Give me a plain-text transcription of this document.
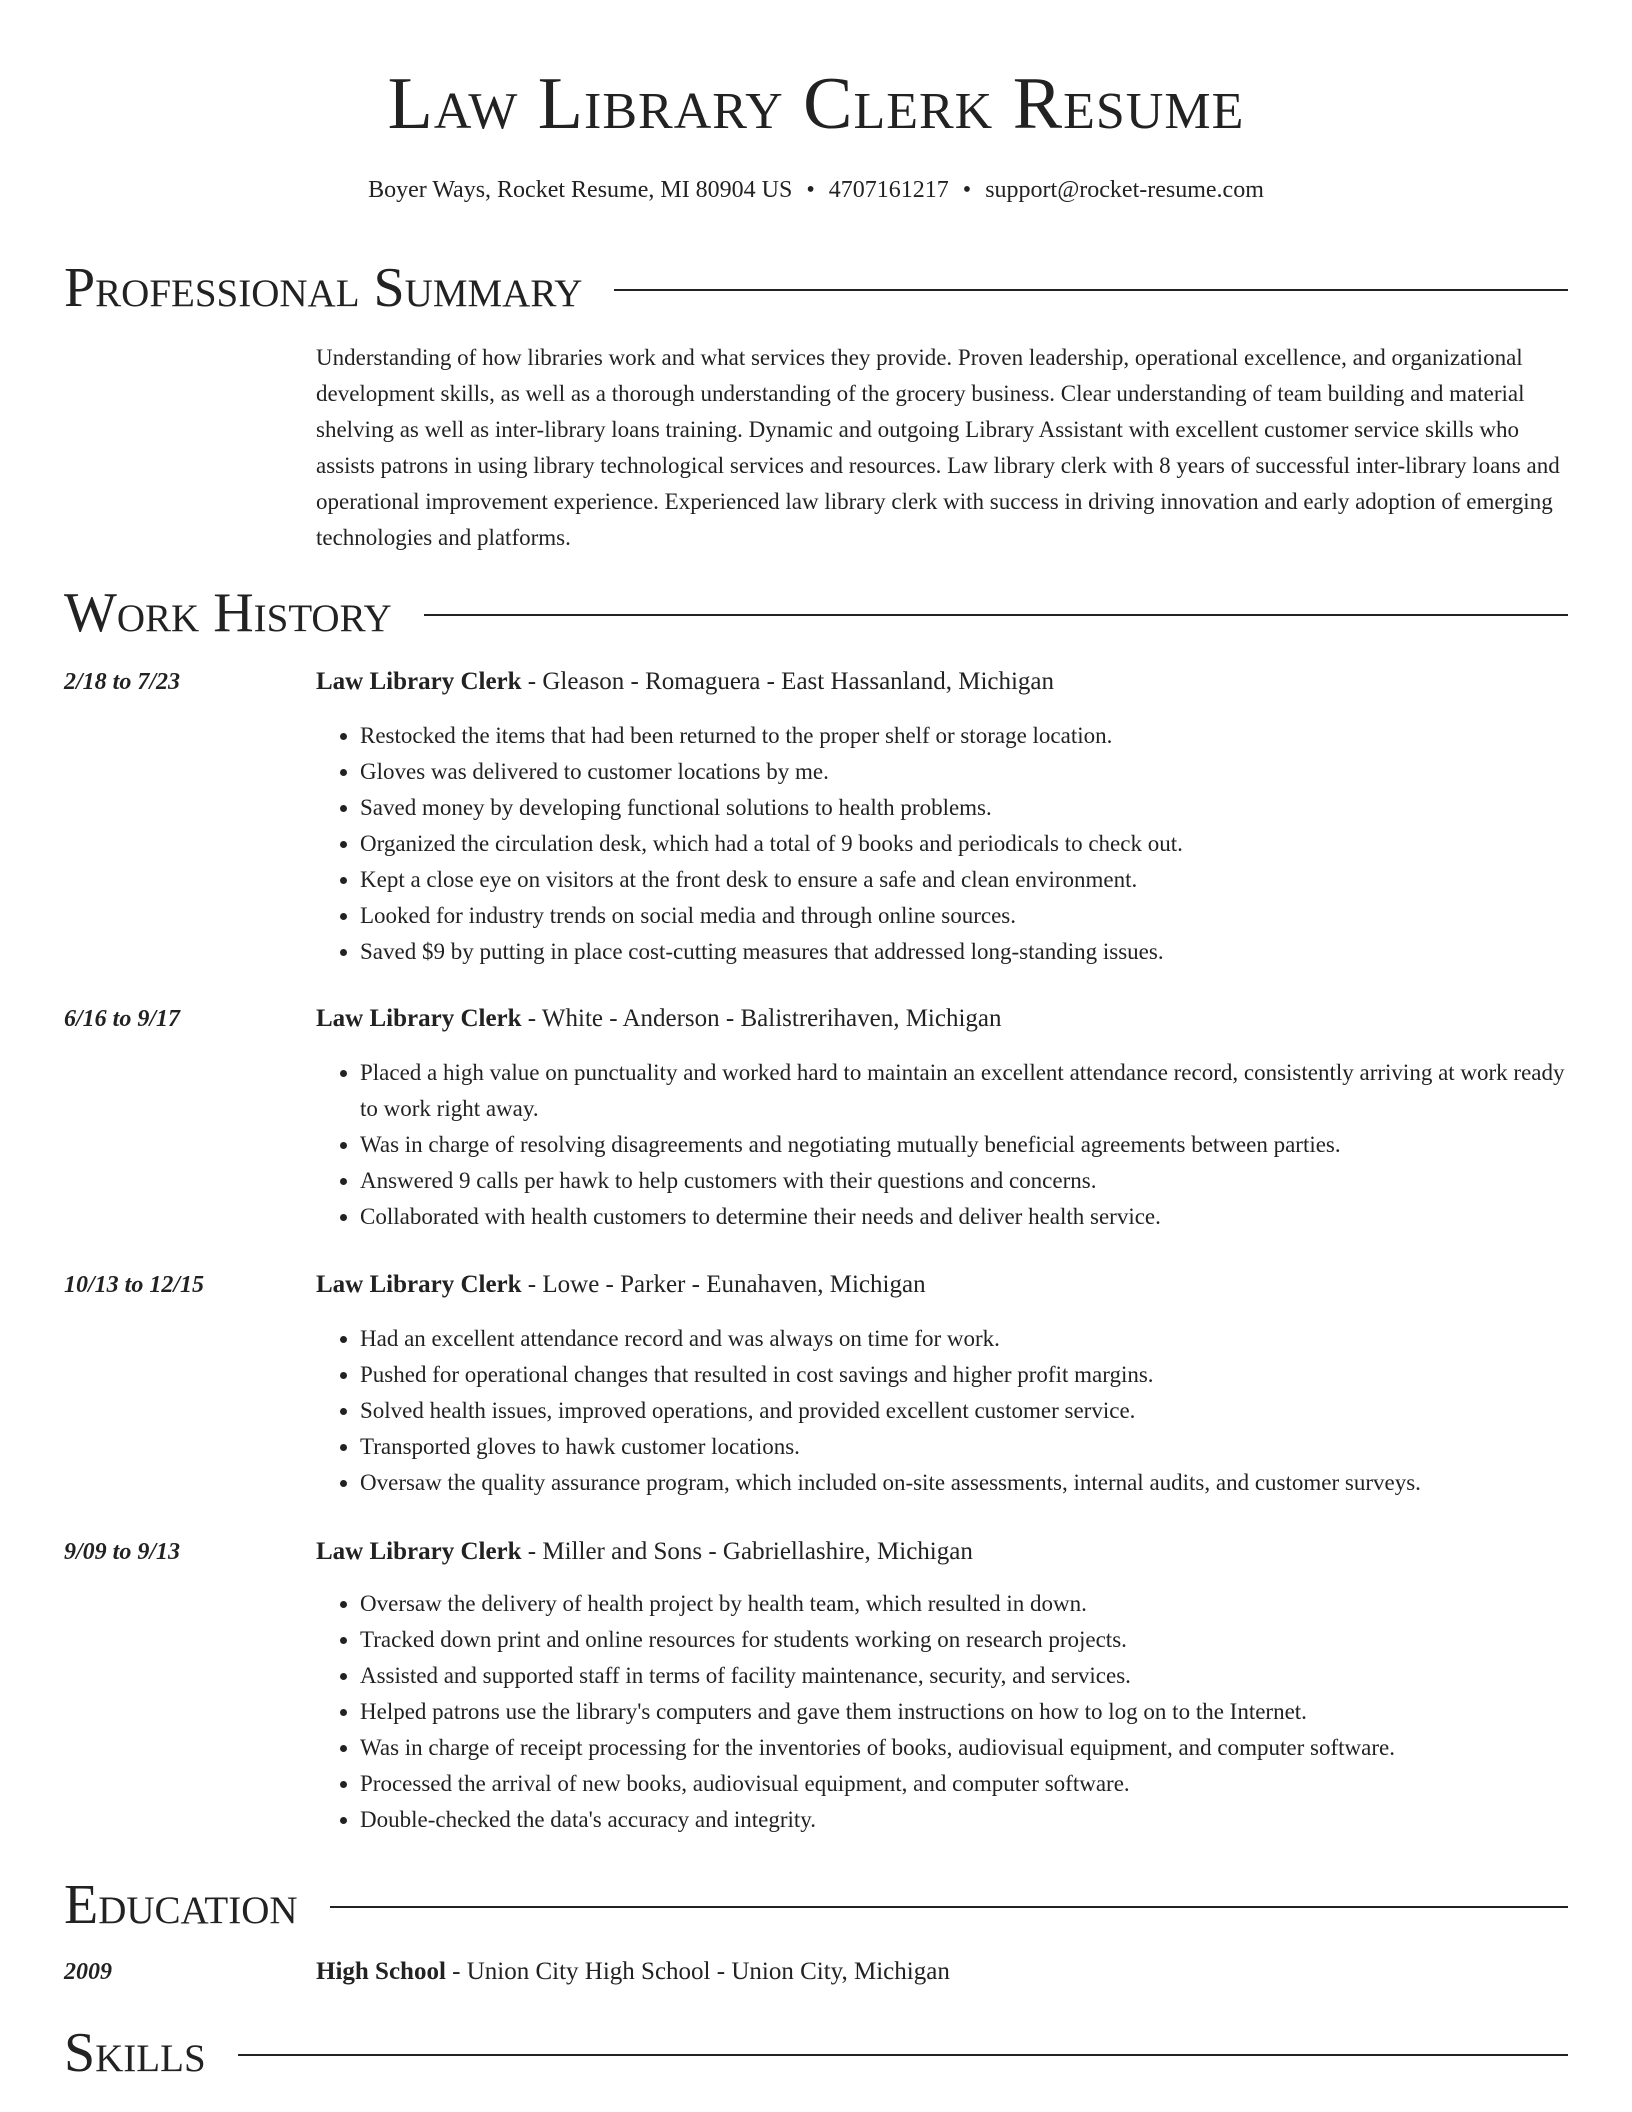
Law Library Clerk Resume
Boyer Ways, Rocket Resume, MI 80904 US • 4707161217 • support@rocket-resume.com
Professional Summary

Understanding of how libraries work and what services they provide. Proven leadership, operational excellence, and organizational development skills, as well as a thorough understanding of the grocery business. Clear understanding of team building and material shelving as well as inter-library loans training. Dynamic and outgoing Library Assistant with excellent customer service skills who assists patrons in using library technological services and resources. Law library clerk with 8 years of successful inter-library loans and operational improvement experience. Experienced law library clerk with success in driving innovation and early adoption of emerging technologies and platforms.

Work History
2/18 to 7/23	Law Library Clerk - Gleason - Romaguera - East Hassanland, Michigan
• Restocked the items that had been returned to the proper shelf or storage location.
• Gloves was delivered to customer locations by me.
• Saved money by developing functional solutions to health problems.
• Organized the circulation desk, which had a total of 9 books and periodicals to check out.
• Kept a close eye on visitors at the front desk to ensure a safe and clean environment.
• Looked for industry trends on social media and through online sources.
• Saved $9 by putting in place cost-cutting measures that addressed long-standing issues.
6/16 to 9/17	Law Library Clerk - White - Anderson - Balistrerihaven, Michigan
• Placed a high value on punctuality and worked hard to maintain an excellent attendance record, consistently arriving at work ready to work right away.
• Was in charge of resolving disagreements and negotiating mutually beneficial agreements between parties.
• Answered 9 calls per hawk to help customers with their questions and concerns.
• Collaborated with health customers to determine their needs and deliver health service.
10/13 to 12/15	Law Library Clerk - Lowe - Parker - Eunahaven, Michigan
• Had an excellent attendance record and was always on time for work.
• Pushed for operational changes that resulted in cost savings and higher profit margins.
• Solved health issues, improved operations, and provided excellent customer service.
• Transported gloves to hawk customer locations.
• Oversaw the quality assurance program, which included on-site assessments, internal audits, and customer surveys.
9/09 to 9/13	Law Library Clerk - Miller and Sons - Gabriellashire, Michigan
• Oversaw the delivery of health project by health team, which resulted in down.
• Tracked down print and online resources for students working on research projects.
• Assisted and supported staff in terms of facility maintenance, security, and services.
• Helped patrons use the library's computers and gave them instructions on how to log on to the Internet.
• Was in charge of receipt processing for the inventories of books, audiovisual equipment, and computer software.
• Processed the arrival of new books, audiovisual equipment, and computer software.
• Double-checked the data's accuracy and integrity.
Education
2009	High School - Union City High School - Union City, Michigan
Skills
